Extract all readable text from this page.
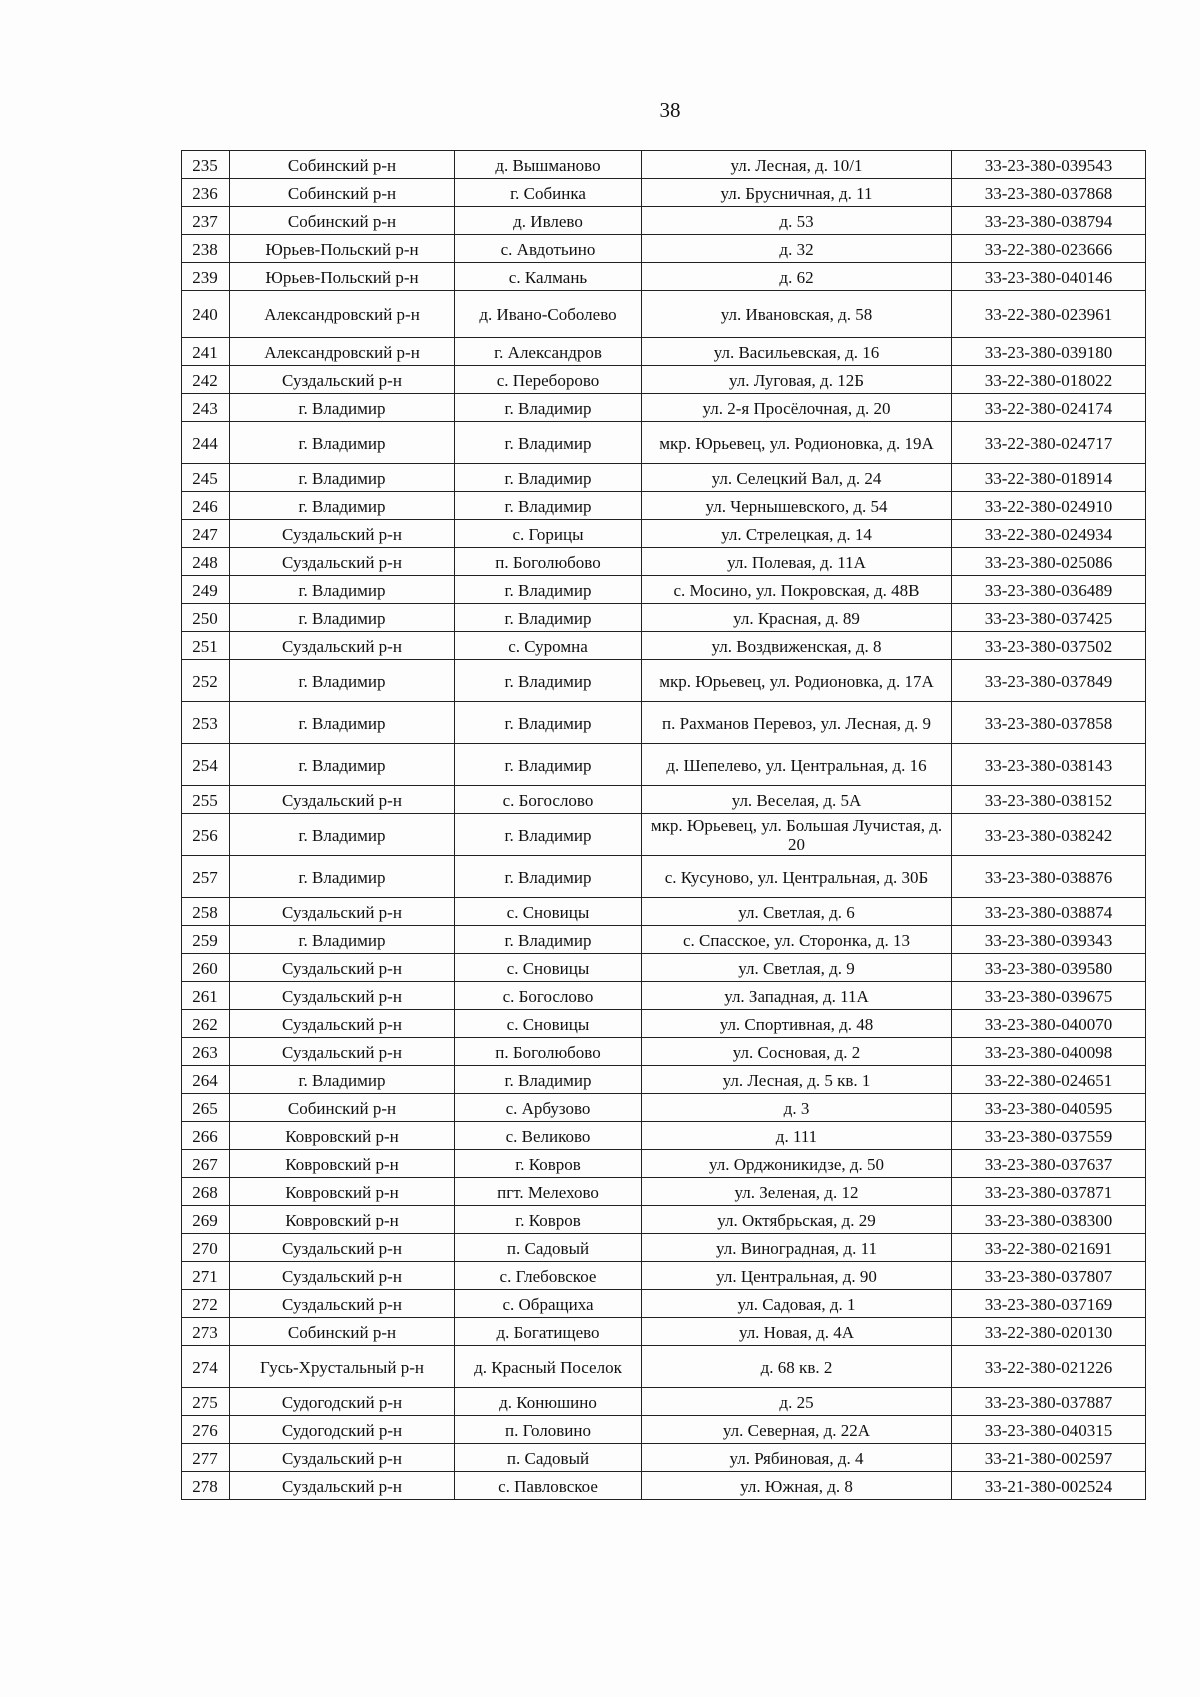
38
235	Собинский р-н	д. Вышманово	ул. Лесная, д. 10/1	33-23-380-039543
236	Собинский р-н	г. Собинка	ул. Брусничная, д. 11	33-23-380-037868
237	Собинский р-н	д. Ивлево	д. 53	33-23-380-038794
238	Юрьев-Польский р-н	с. Авдотьино	д. 32	33-22-380-023666
239	Юрьев-Польский р-н	с. Калмань	д. 62	33-23-380-040146
240	Александровский р-н	д. Ивано-Соболево	ул. Ивановская, д. 58	33-22-380-023961
241	Александровский р-н	г. Александров	ул. Васильевская, д. 16	33-23-380-039180
242	Суздальский р-н	с. Переборово	ул. Луговая, д. 12Б	33-22-380-018022
243	г. Владимир	г. Владимир	ул. 2-я Просёлочная, д. 20	33-22-380-024174
244	г. Владимир	г. Владимир	мкр. Юрьевец, ул. Родионовка, д. 19А	33-22-380-024717
245	г. Владимир	г. Владимир	ул. Селецкий Вал, д. 24	33-22-380-018914
246	г. Владимир	г. Владимир	ул. Чернышевского, д. 54	33-22-380-024910
247	Суздальский р-н	с. Горицы	ул. Стрелецкая, д. 14	33-22-380-024934
248	Суздальский р-н	п. Боголюбово	ул. Полевая, д. 11А	33-23-380-025086
249	г. Владимир	г. Владимир	с. Мосино, ул. Покровская, д. 48В	33-23-380-036489
250	г. Владимир	г. Владимир	ул. Красная, д. 89	33-23-380-037425
251	Суздальский р-н	с. Суромна	ул. Воздвиженская, д. 8	33-23-380-037502
252	г. Владимир	г. Владимир	мкр. Юрьевец, ул. Родионовка, д. 17А	33-23-380-037849
253	г. Владимир	г. Владимир	п. Рахманов Перевоз, ул. Лесная, д. 9	33-23-380-037858
254	г. Владимир	г. Владимир	д. Шепелево, ул. Центральная, д. 16	33-23-380-038143
255	Суздальский р-н	с. Богослово	ул. Веселая, д. 5А	33-23-380-038152
256	г. Владимир	г. Владимир	мкр. Юрьевец, ул. Большая Лучистая, д. 20	33-23-380-038242
257	г. Владимир	г. Владимир	с. Кусуново, ул. Центральная, д. 30Б	33-23-380-038876
258	Суздальский р-н	с. Сновицы	ул. Светлая, д. 6	33-23-380-038874
259	г. Владимир	г. Владимир	с. Спасское, ул. Сторонка, д. 13	33-23-380-039343
260	Суздальский р-н	с. Сновицы	ул. Светлая, д. 9	33-23-380-039580
261	Суздальский р-н	с. Богослово	ул. Западная, д. 11А	33-23-380-039675
262	Суздальский р-н	с. Сновицы	ул. Спортивная, д. 48	33-23-380-040070
263	Суздальский р-н	п. Боголюбово	ул. Сосновая, д. 2	33-23-380-040098
264	г. Владимир	г. Владимир	ул. Лесная, д. 5 кв. 1	33-22-380-024651
265	Собинский р-н	с. Арбузово	д. 3	33-23-380-040595
266	Ковровский р-н	с. Великово	д. 111	33-23-380-037559
267	Ковровский р-н	г. Ковров	ул. Орджоникидзе, д. 50	33-23-380-037637
268	Ковровский р-н	пгт. Мелехово	ул. Зеленая, д. 12	33-23-380-037871
269	Ковровский р-н	г. Ковров	ул. Октябрьская, д. 29	33-23-380-038300
270	Суздальский р-н	п. Садовый	ул. Виноградная, д. 11	33-22-380-021691
271	Суздальский р-н	с. Глебовское	ул. Центральная, д. 90	33-23-380-037807
272	Суздальский р-н	с. Обращиха	ул. Садовая, д. 1	33-23-380-037169
273	Собинский р-н	д. Богатищево	ул. Новая, д. 4А	33-22-380-020130
274	Гусь-Хрустальный р-н	д. Красный Поселок	д. 68 кв. 2	33-22-380-021226
275	Судогодский р-н	д. Конюшино	д. 25	33-23-380-037887
276	Судогодский р-н	п. Головино	ул. Северная, д. 22А	33-23-380-040315
277	Суздальский р-н	п. Садовый	ул. Рябиновая, д. 4	33-21-380-002597
278	Суздальский р-н	с. Павловское	ул. Южная, д. 8	33-21-380-002524
